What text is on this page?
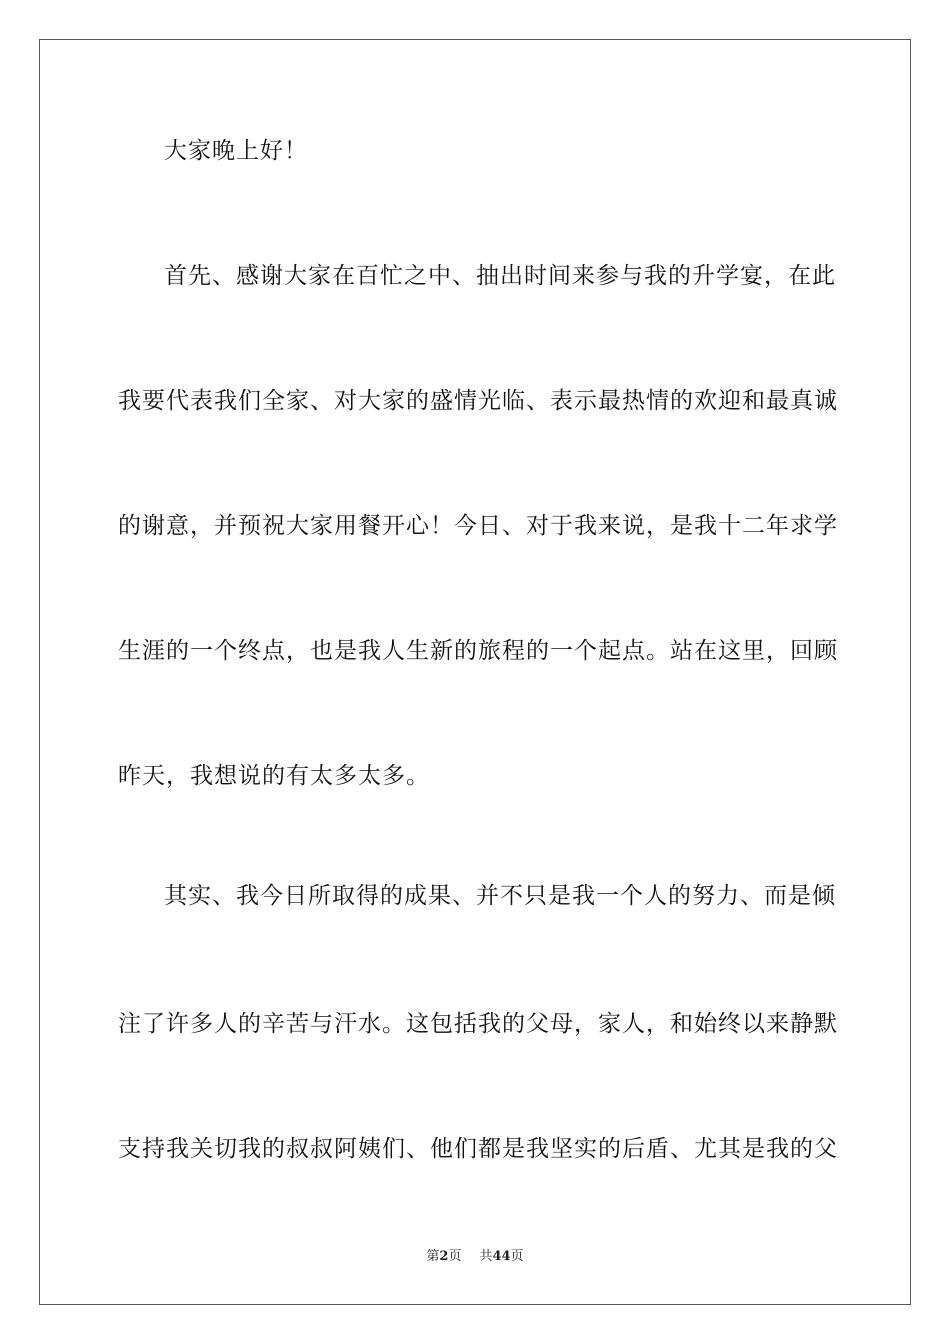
大家晚上好！
首先、感谢大家在百忙之中、抽出时间来参与我的升学宴，在此
我要代表我们全家、对大家的盛情光临、表示最热情的欢迎和最真诚
的谢意，并预祝大家用餐开心！今日、对于我来说，是我十二年求学
生涯的一个终点，也是我人生新的旅程的一个起点。站在这里，回顾
昨天，我想说的有太多太多。
其实、我今日所取得的成果、并不只是我一个人的努力、而是倾
注了许多人的辛苦与汗水。这包括我的父母，家人，和始终以来静默
支持我关切我的叔叔阿姨们、他们都是我坚实的后盾、尤其是我的父
第2页 共44页
